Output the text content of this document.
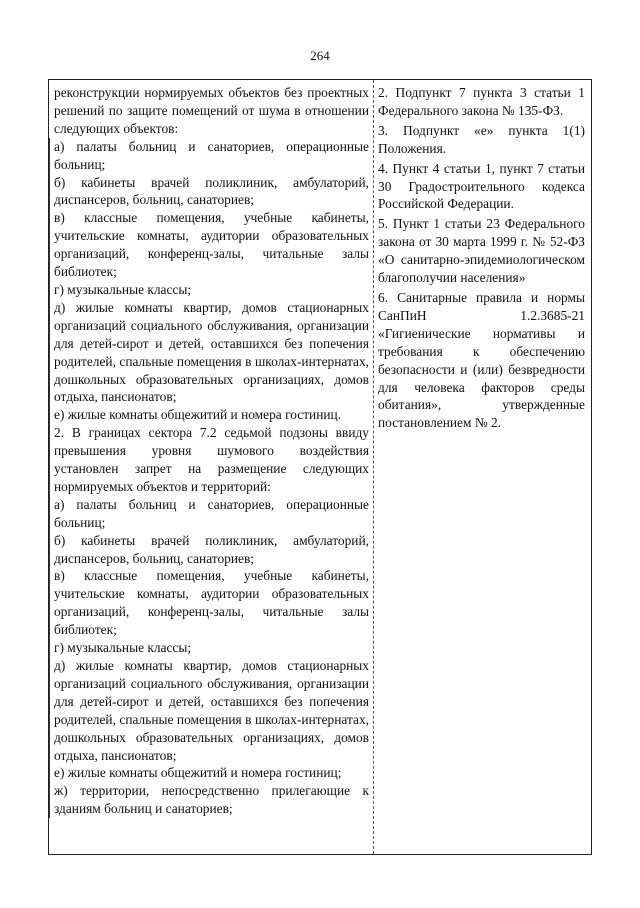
264

реконструкции нормируемых объектов без проектных решений по защите помещений от шума в отношении следующих объектов:

а) палаты больниц и санаториев, операционные больниц;

б) кабинеты врачей поликлиник, амбулаторий, диспансеров, больниц, санаториев;

в) классные помещения, учебные кабинеты, учительские комнаты, аудитории образовательных организаций, конференц-залы, читальные залы библиотек;

г) музыкальные классы;

д) жилые комнаты квартир, домов стационарных организаций социального обслуживания, организации для детей-сирот и детей, оставшихся без попечения родителей, спальные помещения в школах-интернатах, дошкольных образовательных организациях, домов отдыха, пансионатов;

е) жилые комнаты общежитий и номера гостиниц.

2. В границах сектора 7.2 седьмой подзоны ввиду превышения уровня шумового воздействия установлен запрет на размещение следующих нормируемых объектов и территорий:

а) палаты больниц и санаториев, операционные больниц;

б) кабинеты врачей поликлиник, амбулаторий, диспансеров, больниц, санаториев;

в) классные помещения, учебные кабинеты, учительские комнаты, аудитории образовательных организаций, конференц-залы, читальные залы библиотек;

г) музыкальные классы;

д) жилые комнаты квартир, домов стационарных организаций социального обслуживания, организации для детей-сирот и детей, оставшихся без попечения родителей, спальные помещения в школах-интернатах, дошкольных образовательных организациях, домов отдыха, пансионатов;

е) жилые комнаты общежитий и номера гостиниц;

ж) территории, непосредственно прилегающие к зданиям больниц и санаториев;

2. Подпункт 7 пункта 3 статьи 1 Федерального закона № 135-ФЗ.

3. Подпункт «е» пункта 1(1) Положения.

4. Пункт 4 статьи 1, пункт 7 статьи 30 Градостроительного кодекса Российской Федерации.

5. Пункт 1 статьи 23 Федерального закона от 30 марта 1999 г. № 52-ФЗ «О санитарно-эпидемиологическом благополучии населения»

6. Санитарные правила и нормы СанПиН 1.2.3685-21 «Гигиенические нормативы и требования к обеспечению безопасности и (или) безвредности для человека факторов среды обитания», утвержденные постановлением № 2.
